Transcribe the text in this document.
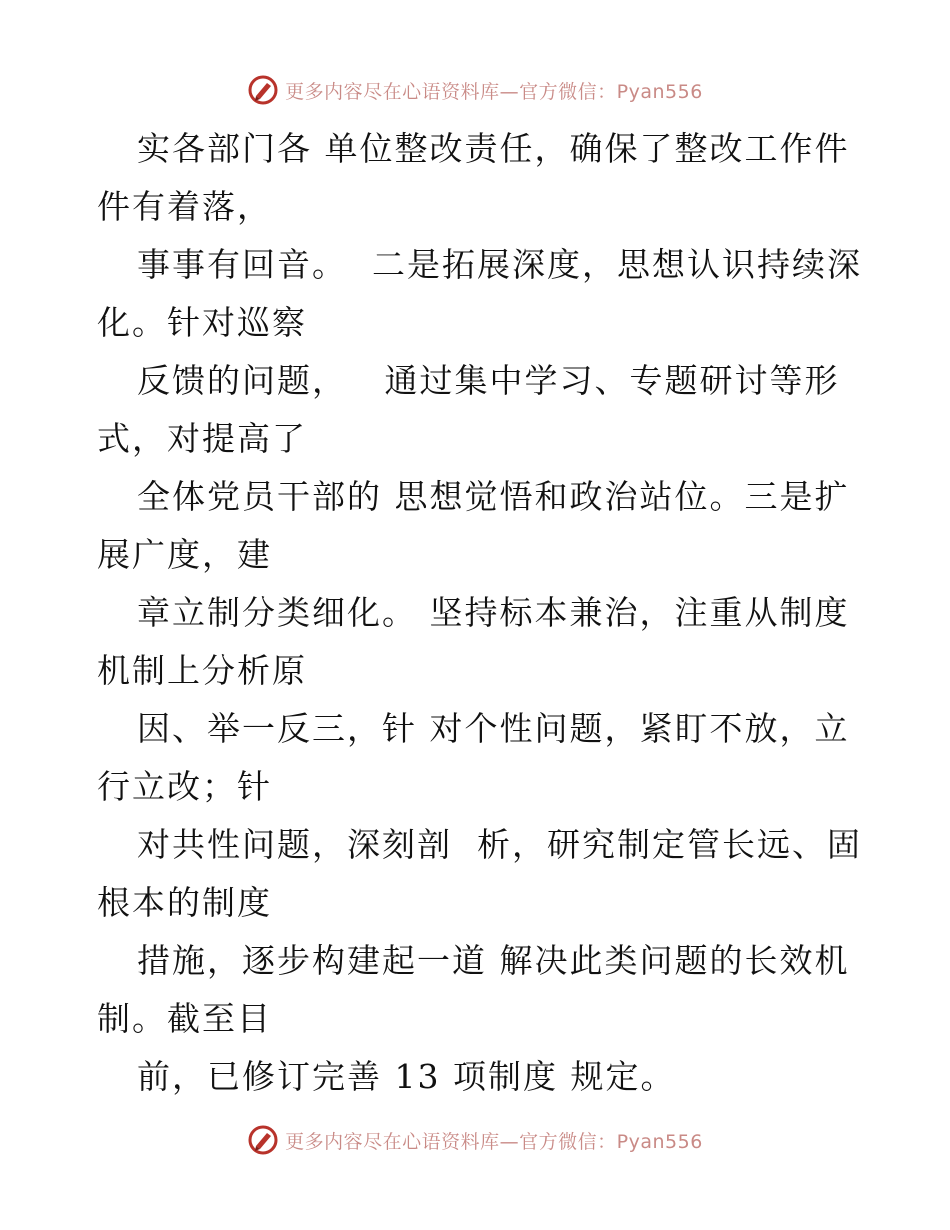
更多内容尽在心语资料库—官方微信：Pyan556
实各部门各 单位整改责任，确保了整改工作件
件有着落，
事事有回音。  二是拓展深度，思想认识持续深
化。针对巡察
反馈的问题，   通过集中学习、专题研讨等形
式，对提高了
全体党员干部的 思想觉悟和政治站位。三是扩
展广度，建
章立制分类细化。 坚持标本兼治，注重从制度
机制上分析原
因、举一反三，针 对个性问题，紧盯不放，立
行立改；针
对共性问题，深刻剖  析，研究制定管长远、固
根本的制度
措施，逐步构建起一道 解决此类问题的长效机
制。截至目
前，已修订完善 13 项制度 规定。
更多内容尽在心语资料库—官方微信：Pyan556
